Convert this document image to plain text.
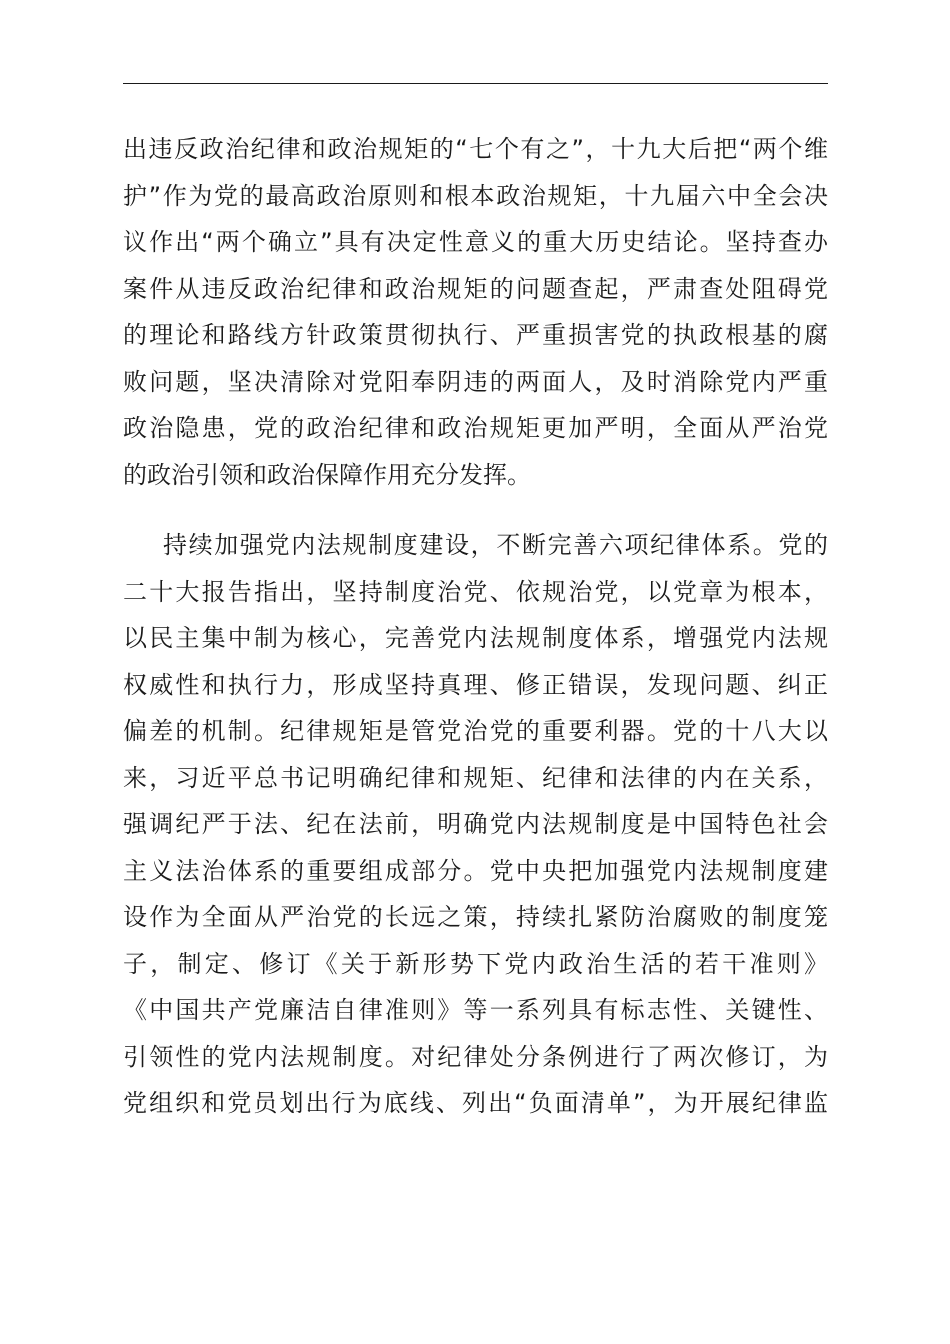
出违反政治纪律和政治规矩的“七个有之”，十九大后把“两个维
护”作为党的最高政治原则和根本政治规矩，十九届六中全会决
议作出“两个确立”具有决定性意义的重大历史结论。坚持查办
案件从违反政治纪律和政治规矩的问题查起，严肃查处阻碍党
的理论和路线方针政策贯彻执行、严重损害党的执政根基的腐
败问题，坚决清除对党阳奉阴违的两面人，及时消除党内严重
政治隐患，党的政治纪律和政治规矩更加严明，全面从严治党
的政治引领和政治保障作用充分发挥。
持续加强党内法规制度建设，不断完善六项纪律体系。党的
二十大报告指出，坚持制度治党、依规治党，以党章为根本，
以民主集中制为核心，完善党内法规制度体系，增强党内法规
权威性和执行力，形成坚持真理、修正错误，发现问题、纠正
偏差的机制。纪律规矩是管党治党的重要利器。党的十八大以
来，习近平总书记明确纪律和规矩、纪律和法律的内在关系，
强调纪严于法、纪在法前，明确党内法规制度是中国特色社会
主义法治体系的重要组成部分。党中央把加强党内法规制度建
设作为全面从严治党的长远之策，持续扎紧防治腐败的制度笼
子，制定、修订《关于新形势下党内政治生活的若干准则》
《中国共产党廉洁自律准则》等一系列具有标志性、关键性、
引领性的党内法规制度。对纪律处分条例进行了两次修订，为
党组织和党员划出行为底线、列出“负面清单”，为开展纪律监
